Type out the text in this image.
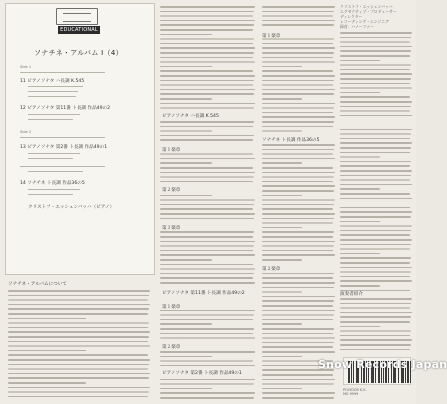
EDUCATIONAL
ソナチネ・アルバム I（4）
Side 1
11 ピアノソナタ ハ長調 K.545
12 ピアノソナタ 第11番 ト長調 作品49の2
Side 2
13 ピアノソナタ 第2番 ト長調 作品49の1
14 ソナチネ ト長調 作品36の5
クリストフ・エッシェンバッハ（ピアノ）
ソナチネ・アルバムについて
ピアノソナタ ハ長調 K.545
第１楽章
第２楽章
第３楽章
ピアノソナタ 第11番 ト長調 作品49の2
第１楽章
第２楽章
ピアノソナタ 第2番 ト長調 作品49の1
第１楽章
ソナチネ ト長調 作品36の5
第２楽章
演奏者紹介
クリストフ・エッシェンバッハ
エグゼクティブ・プロデューサー
ディレクター
レコーディング・エンジニア
録音：ハノーファー
Snow Records Japan
POLYDOR K.K.
MG 9999
